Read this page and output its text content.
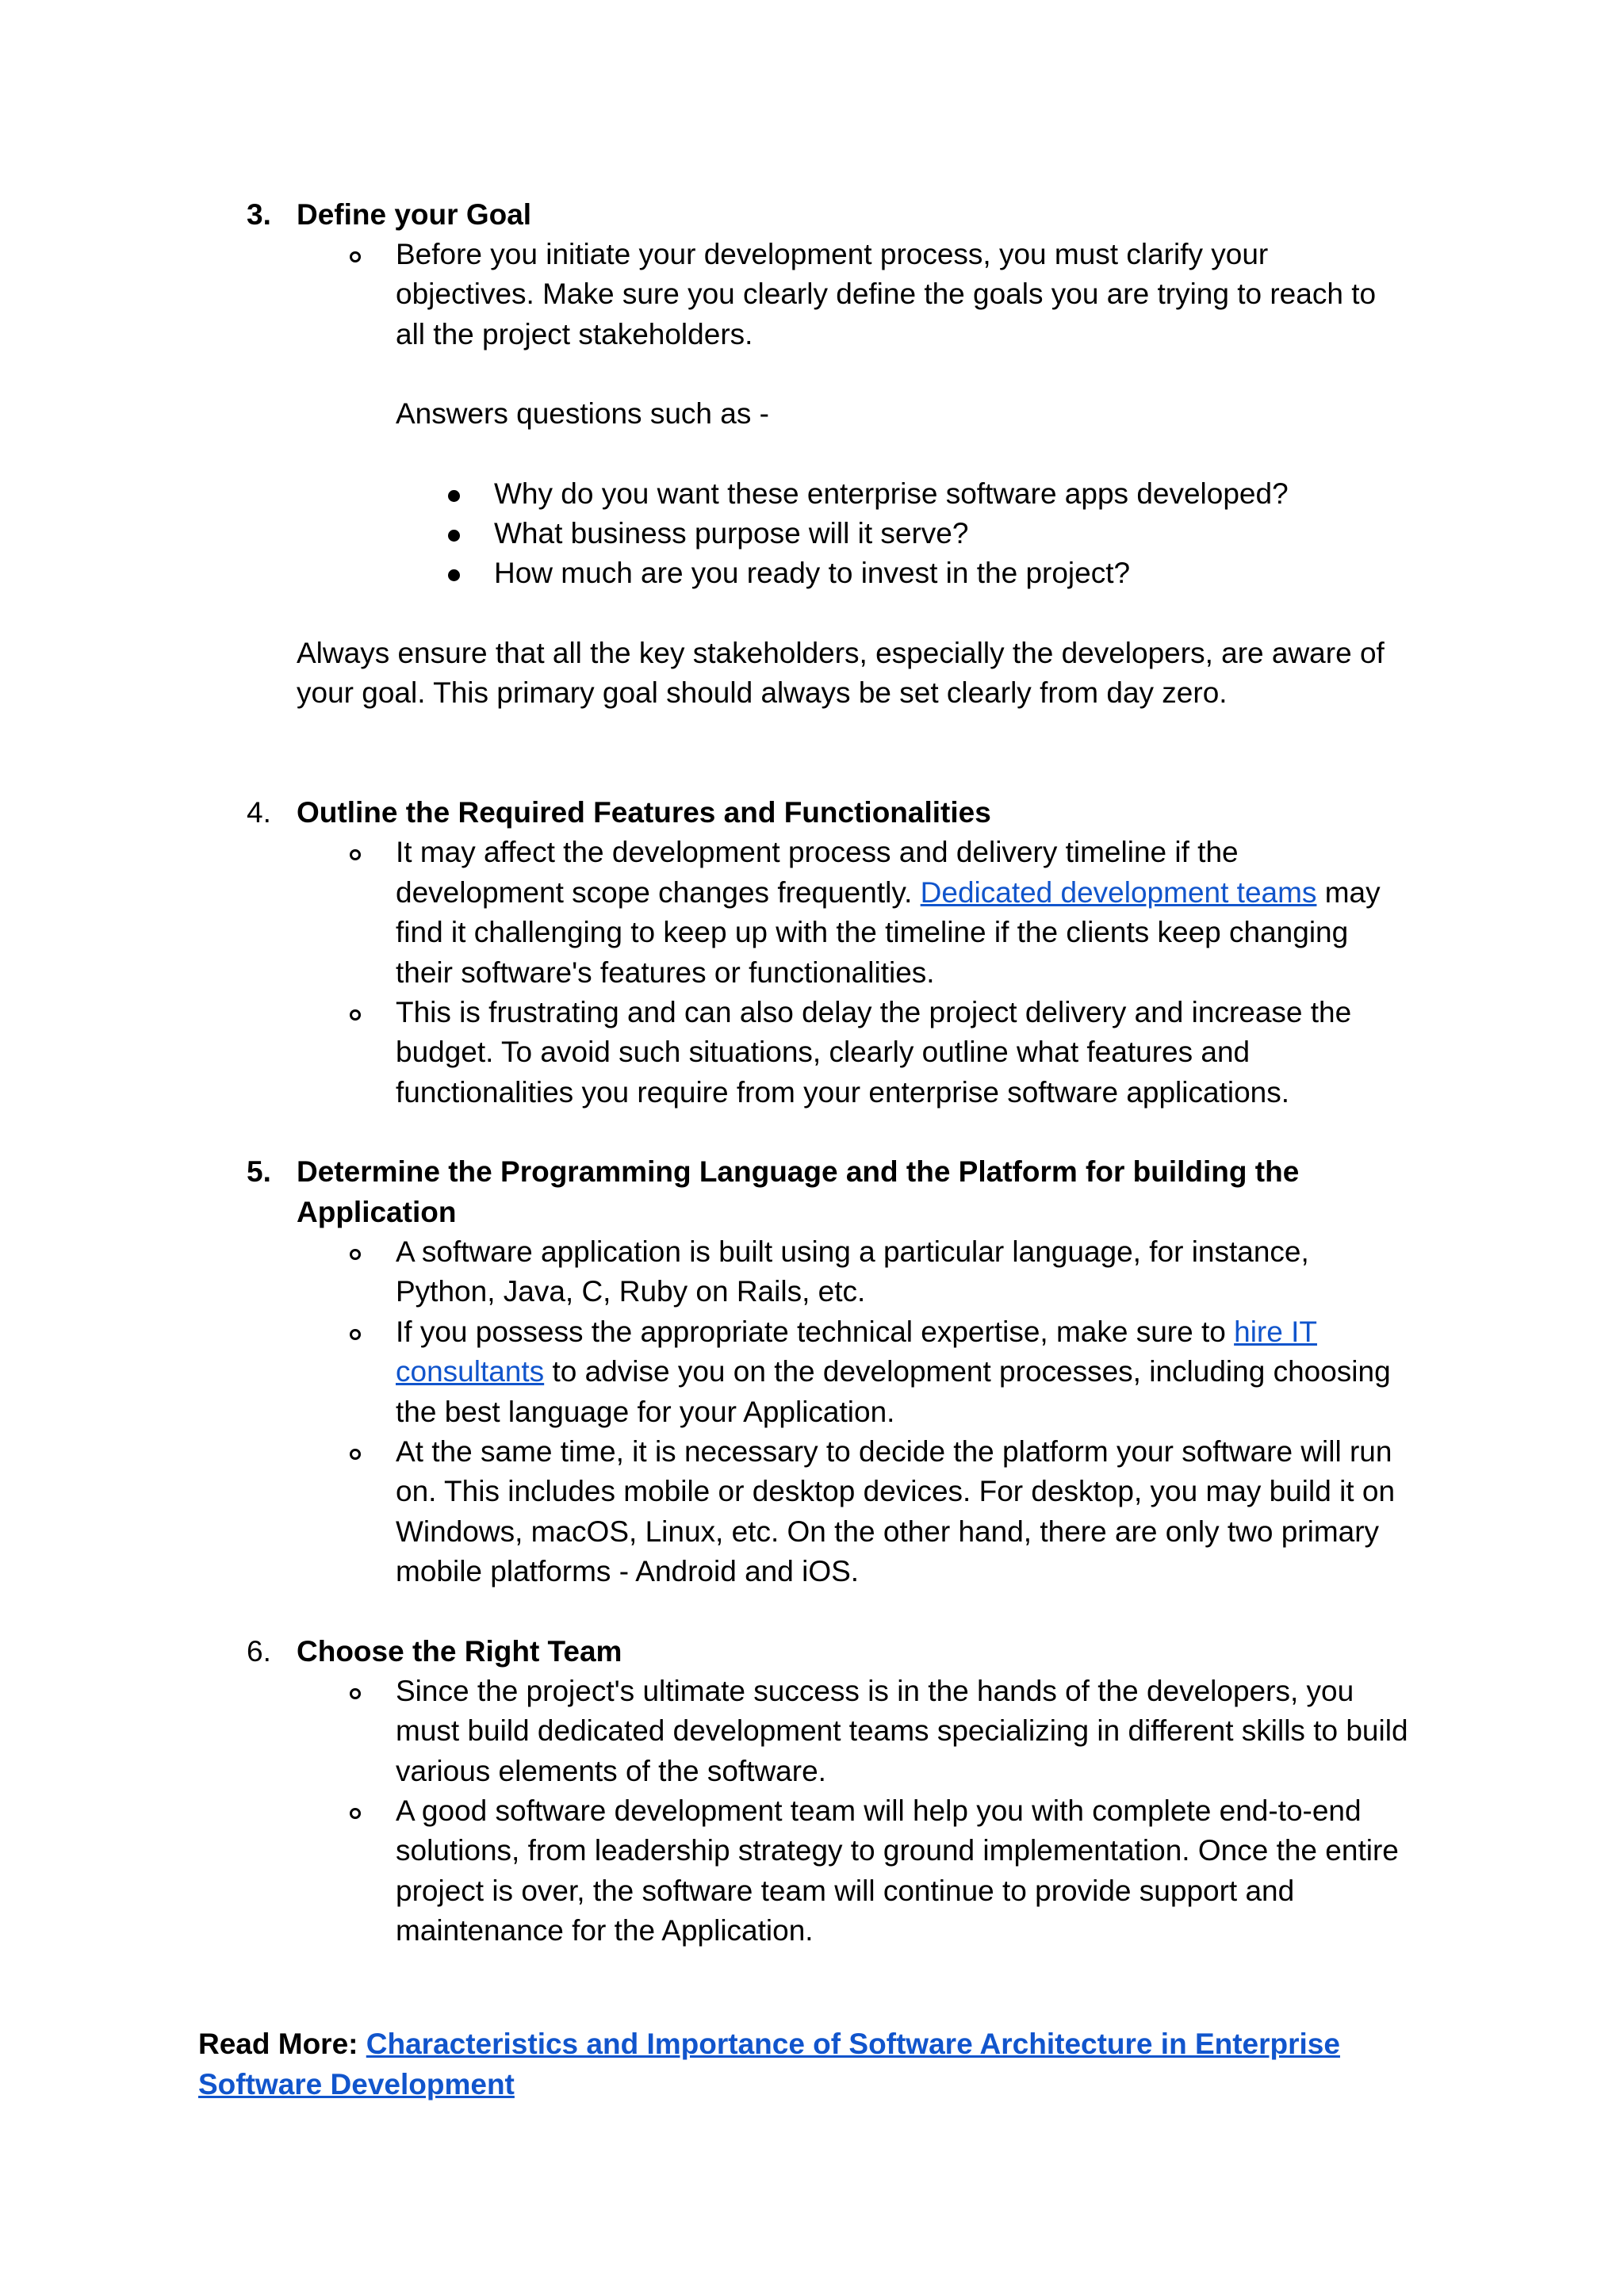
3. Define your Goal
Before you initiate your development process, you must clarify your
objectives. Make sure you clearly define the goals you are trying to reach to
all the project stakeholders.
Answers questions such as -
Why do you want these enterprise software apps developed?
What business purpose will it serve?
How much are you ready to invest in the project?
Always ensure that all the key stakeholders, especially the developers, are aware of
your goal. This primary goal should always be set clearly from day zero.
4. Outline the Required Features and Functionalities
It may affect the development process and delivery timeline if the
development scope changes frequently. Dedicated development teams may
find it challenging to keep up with the timeline if the clients keep changing
their software's features or functionalities.
This is frustrating and can also delay the project delivery and increase the
budget. To avoid such situations, clearly outline what features and
functionalities you require from your enterprise software applications.
5. Determine the Programming Language and the Platform for building the
Application
A software application is built using a particular language, for instance,
Python, Java, C, Ruby on Rails, etc.
If you possess the appropriate technical expertise, make sure to hire IT
consultants to advise you on the development processes, including choosing
the best language for your Application.
At the same time, it is necessary to decide the platform your software will run
on. This includes mobile or desktop devices. For desktop, you may build it on
Windows, macOS, Linux, etc. On the other hand, there are only two primary
mobile platforms - Android and iOS.
6. Choose the Right Team
Since the project's ultimate success is in the hands of the developers, you
must build dedicated development teams specializing in different skills to build
various elements of the software.
A good software development team will help you with complete end-to-end
solutions, from leadership strategy to ground implementation. Once the entire
project is over, the software team will continue to provide support and
maintenance for the Application.
Read More: Characteristics and Importance of Software Architecture in Enterprise
Software Development
